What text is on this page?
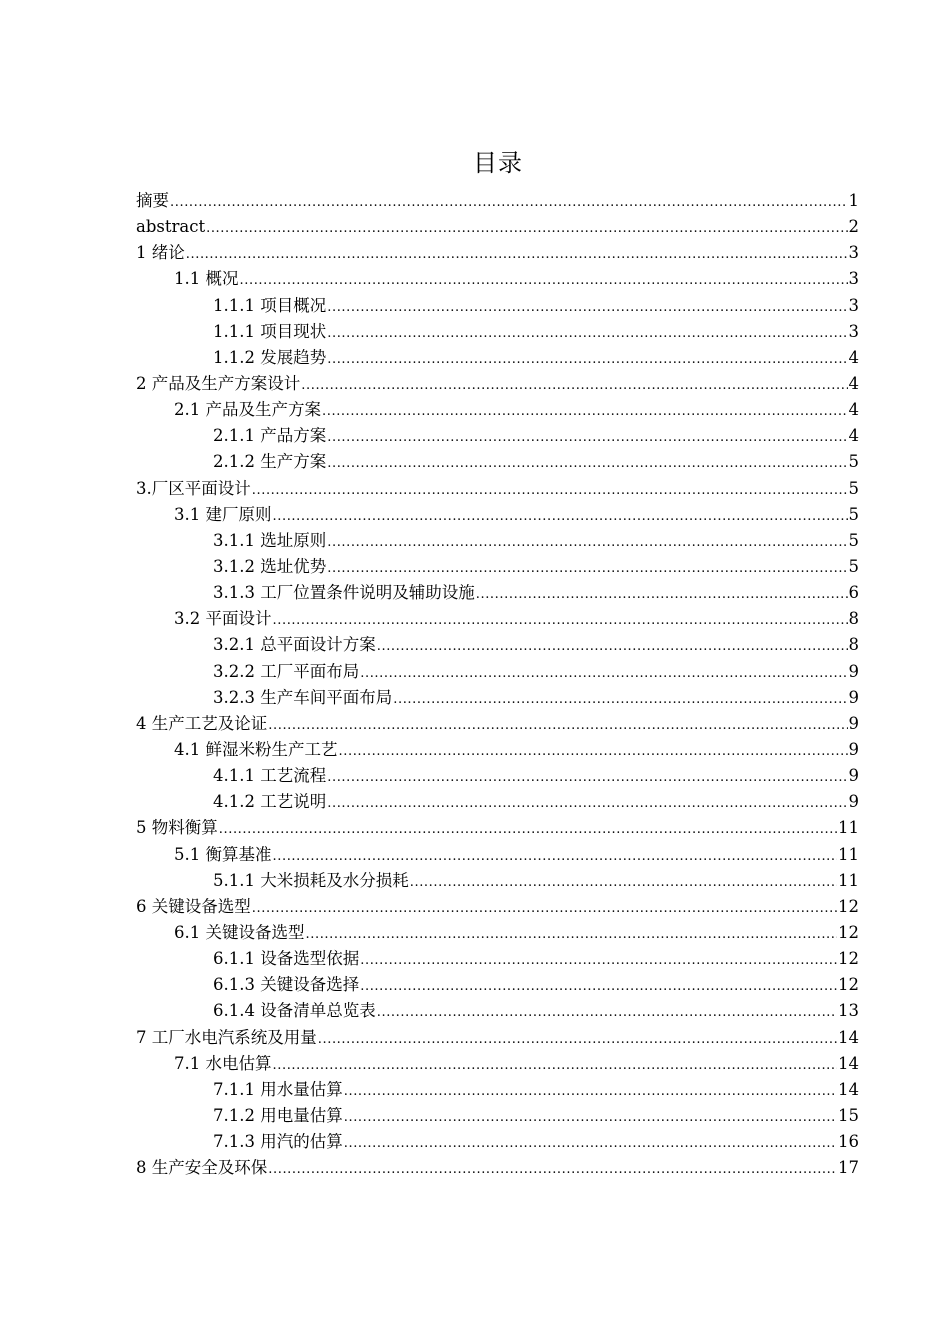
目录
摘要 .....	1
abstract .....	2
1 绪论 .....	3
1.1 概况 .....	3
1.1.1 项目概况 .....	3
1.1.1 项目现状 .....	3
1.1.2 发展趋势 .....	4
2 产品及生产方案设计 .....	4
2.1 产品及生产方案 .....	4
2.1.1 产品方案 .....	4
2.1.2 生产方案 .....	5
3.厂区平面设计 .....	5
3.1 建厂原则 .....	5
3.1.1 选址原则 .....	5
3.1.2 选址优势 .....	5
3.1.3 工厂位置条件说明及辅助设施 .....	6
3.2 平面设计 .....	8
3.2.1 总平面设计方案 .....	8
3.2.2 工厂平面布局 .....	9
3.2.3 生产车间平面布局 .....	9
4 生产工艺及论证 .....	9
4.1 鲜湿米粉生产工艺 .....	9
4.1.1 工艺流程 .....	9
4.1.2 工艺说明 .....	9
5 物料衡算 .....	11
5.1 衡算基准 .....	11
5.1.1 大米损耗及水分损耗 .....	11
6 关键设备选型 .....	12
6.1 关键设备选型 .....	12
6.1.1 设备选型依据 .....	12
6.1.3 关键设备选择 .....	12
6.1.4 设备清单总览表 .....	13
7 工厂水电汽系统及用量 .....	14
7.1 水电估算 .....	14
7.1.1 用水量估算 .....	14
7.1.2 用电量估算 .....	15
7.1.3 用汽的估算 .....	16
8 生产安全及环保 .....	17
